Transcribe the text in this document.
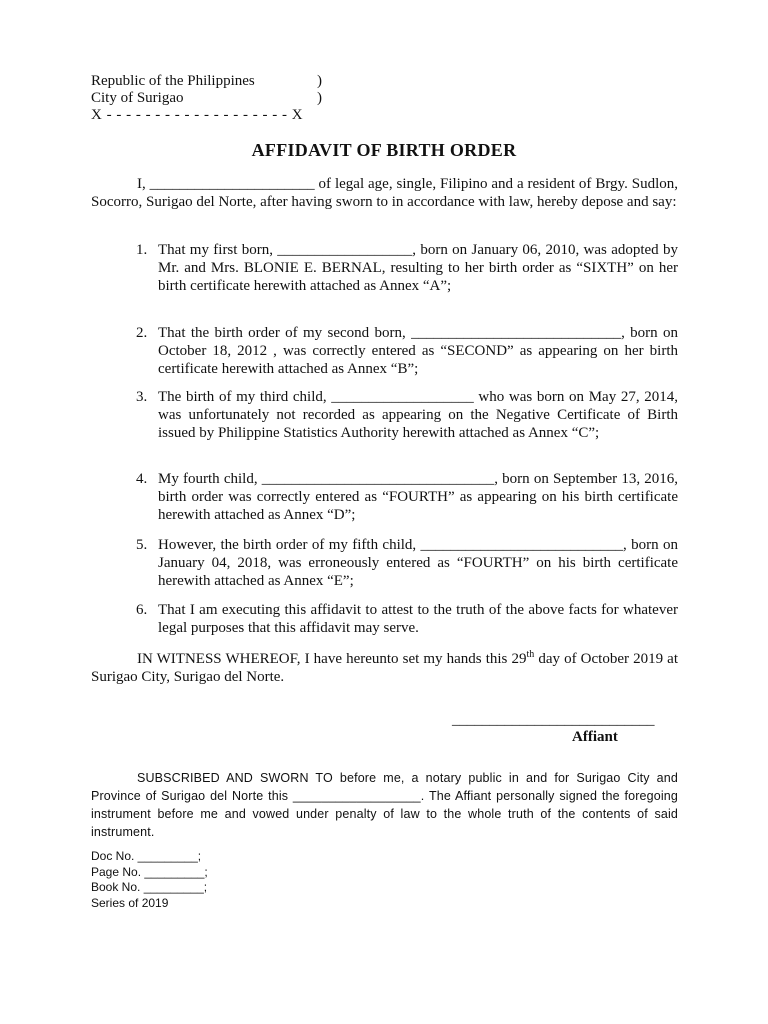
Republic of the Philippines	)
City of Surigao	)
X - - - - - - - - - - - - - - - - - - - X
AFFIDAVIT OF BIRTH ORDER

I, ______________________ of legal age, single, Filipino and a resident of Brgy. Sudlon, Socorro, Surigao del Norte, after having sworn to in accordance with law, hereby depose and say:

1. That my first born, __________________, born on January 06, 2010, was adopted by Mr. and Mrs. BLONIE E. BERNAL, resulting to her birth order as “SIXTH” on her birth certificate herewith attached as Annex “A”;
2. That the birth order of my second born, ____________________________, born on October 18, 2012 , was correctly entered as “SECOND” as appearing on her birth certificate herewith attached as Annex “B”;
3. The birth of my third child, ___________________ who was born on May 27, 2014, was unfortunately not recorded as appearing on the Negative Certificate of Birth issued by Philippine Statistics Authority herewith attached as Annex “C”;
4. My fourth child, _______________________________, born on September 13, 2016, birth order was correctly entered as “FOURTH” as appearing on his birth certificate herewith attached as Annex “D”;
5. However, the birth order of my fifth child, ___________________________, born on January 04, 2018, was erroneously entered as “FOURTH” on his birth certificate herewith attached as Annex “E”;
6. That I am executing this affidavit to attest to the truth of the above facts for whatever legal purposes that this affidavit may serve.

IN WITNESS WHEREOF, I have hereunto set my hands this 29th day of October 2019 at Surigao City, Surigao del Norte.

___________________________
Affiant

SUBSCRIBED AND SWORN TO before me, a notary public in and for Surigao City and Province of Surigao del Norte this __________________. The Affiant personally signed the foregoing instrument before me and vowed under penalty of law to the whole truth of the contents of said instrument.

Doc No. _________;
Page No. _________;
Book No. _________;
Series of 2019
